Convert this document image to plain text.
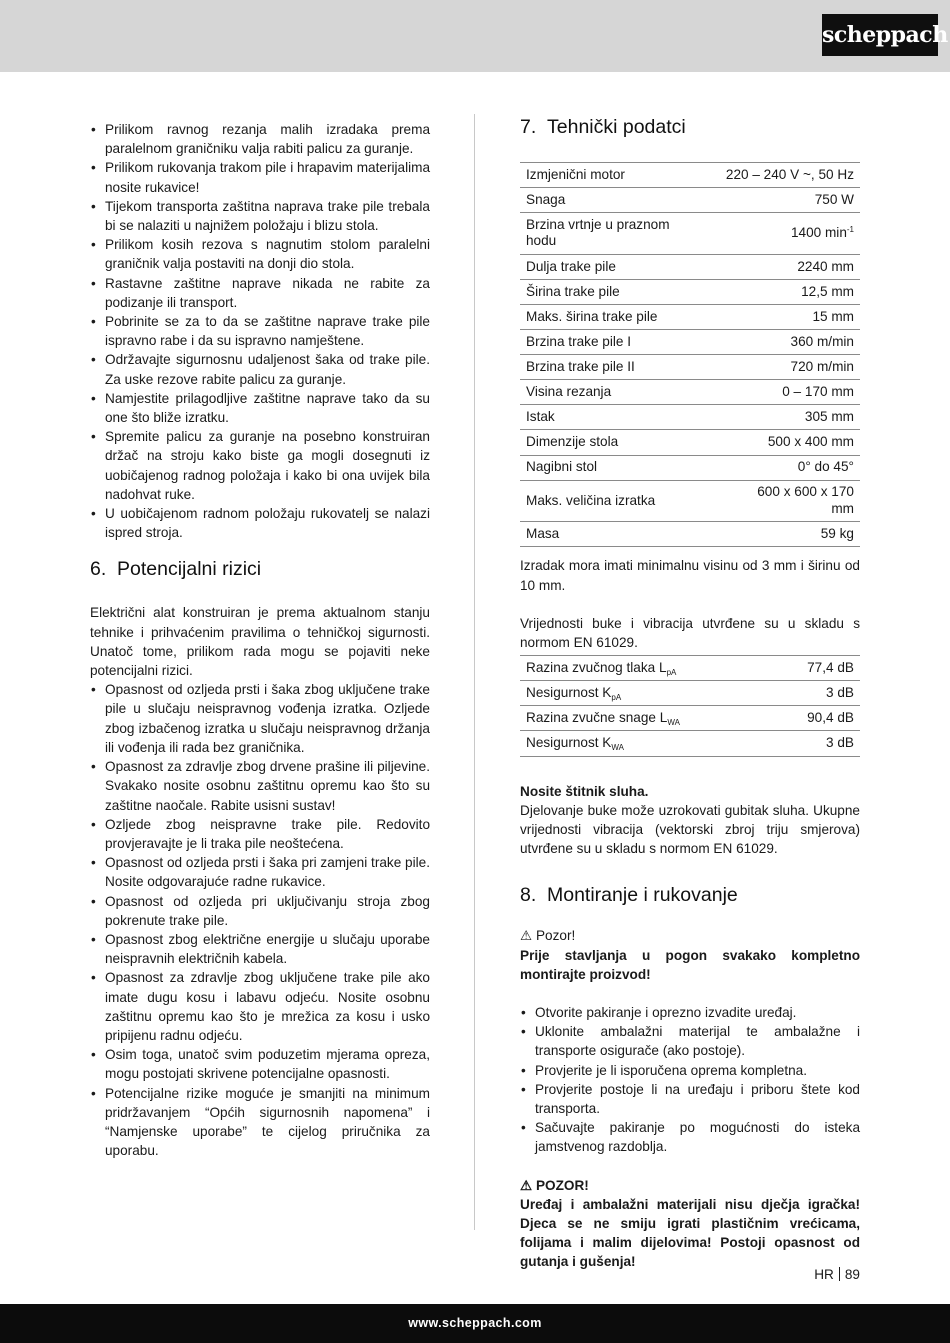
scheppach
• Prilikom ravnog rezanja malih izradaka prema paralelnom graničniku valja rabiti palicu za guranje.
• Prilikom rukovanja trakom pile i hrapavim materijalima nosite rukavice!
• Tijekom transporta zaštitna naprava trake pile trebala bi se nalaziti u najnižem položaju i blizu stola.
• Prilikom kosih rezova s nagnutim stolom paralelni graničnik valja postaviti na donji dio stola.
• Rastavne zaštitne naprave nikada ne rabite za podizanje ili transport.
• Pobrinite se za to da se zaštitne naprave trake pile ispravno rabe i da su ispravno namještene.
• Održavajte sigurnosnu udaljenost šaka od trake pile. Za uske rezove rabite palicu za guranje.
• Namjestite prilagodljive zaštitne naprave tako da su one što bliže izratku.
• Spremite palicu za guranje na posebno konstruiran držač na stroju kako biste ga mogli dosegnuti iz uobičajenog radnog položaja i kako bi ona uvijek bila nadohvat ruke.
• U uobičajenom radnom položaju rukovatelj se nalazi ispred stroja.
6. Potencijalni rizici

Električni alat konstruiran je prema aktualnom stanju tehnike i prihvaćenim pravilima o tehničkoj sigurnosti. Unatoč tome, prilikom rada mogu se pojaviti neke potencijalni rizici.

• Opasnost od ozljeda prsti i šaka zbog uključene trake pile u slučaju neispravnog vođenja izratka. Ozljede zbog izbačenog izratka u slučaju neispravnog držanja ili vođenja ili rada bez graničnika.
• Opasnost za zdravlje zbog drvene prašine ili piljevine. Svakako nosite osobnu zaštitnu opremu kao što su zaštitne naočale. Rabite usisni sustav!
• Ozljede zbog neispravne trake pile. Redovito provjeravajte je li traka pile neoštećena.
• Opasnost od ozljeda prsti i šaka pri zamjeni trake pile. Nosite odgovarajuće radne rukavice.
• Opasnost od ozljeda pri uključivanju stroja zbog pokrenute trake pile.
• Opasnost zbog električne energije u slučaju uporabe neispravnih električnih kabela.
• Opasnost za zdravlje zbog uključene trake pile ako imate dugu kosu i labavu odjeću. Nosite osobnu zaštitnu opremu kao što je mrežica za kosu i usko pripijenu radnu odjeću.
• Osim toga, unatoč svim poduzetim mjerama opreza, mogu postojati skrivene potencijalne opasnosti.
• Potencijalne rizike moguće je smanjiti na minimum pridržavanjem “Općih sigurnosnih napomena” i “Namjenske uporabe” te cijelog priručnika za uporabu.
7. Tehnički podatci
Izmjenični motor	220 – 240 V ~, 50 Hz
Snaga	750 W
Brzina vrtnje u praznom hodu	1400 $\min^{-1}$
Dulja trake pile	2240 mm
Širina trake pile	12,5 mm
Maks. širina trake pile	15 mm
Brzina trake pile I	360 m/min
Brzina trake pile II	720 m/min
Visina rezanja	0 – 170 mm
Istak	305 mm
Dimenzije stola	500 x 400 mm
Nagibni stol	0° do 45°
Maks. veličina izratka	600 x 600 x 170 mm
Masa	59 kg

Izradak mora imati minimalnu visinu od 3 mm i širinu od 10 mm.

Vrijednosti buke i vibracija utvrđene su u skladu s normom EN 61029.

Razina zvučnog tlaka $L_{pA}$	77,4 dB
Nesigurnost $K_{pA}$	3 dB
Razina zvučne snage $L_{WA}$	90,4 dB
Nesigurnost $K_{WA}$	3 dB

Nosite štitnik sluha.

Djelovanje buke može uzrokovati gubitak sluha. Ukupne vrijednosti vibracija (vektorski zbroj triju smjerova) utvrđene su u skladu s normom EN 61029.

8. Montiranje i rukovanje

⚠ Pozor!

Prije stavljanja u pogon svakako kompletno montirajte proizvod!

• Otvorite pakiranje i oprezno izvadite uređaj.
• Uklonite ambalažni materijal te ambalažne i transporte osigurače (ako postoje).
• Provjerite je li isporučena oprema kompletna.
• Provjerite postoje li na uređaju i priboru štete kod transporta.
• Sačuvajte pakiranje po mogućnosti do isteka jamstvenog razdoblja.

⚠ POZOR!

Uređaj i ambalažni materijali nisu dječja igračka! Djeca se ne smiju igrati plastičnim vrećicama, folijama i malim dijelovima! Postoji opasnost od gutanja i gušenja!

HR 89
www.scheppach.com
